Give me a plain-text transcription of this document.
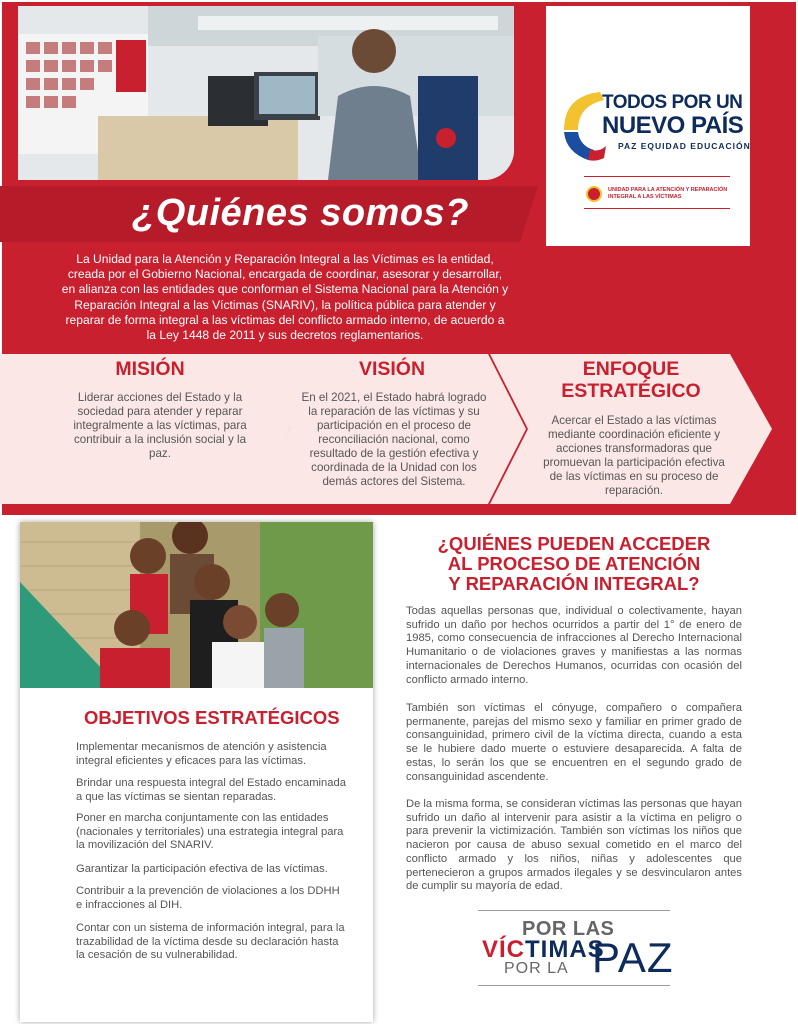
TODOS POR UN
NUEVO PAÍS
PAZ EQUIDAD EDUCACIÓN
UNIDAD PARA LA ATENCIÓN Y REPARACIÓN INTEGRAL A LAS VÍCTIMAS
¿Quiénes somos?

La Unidad para la Atención y Reparación Integral a las Víctimas es la entidad, creada por el Gobierno Nacional, encargada de coordinar, asesorar y desarrollar, en alianza con las entidades que conforman el Sistema Nacional para la Atención y Reparación Integral a las Víctimas (SNARIV), la política pública para atender y reparar de forma integral a las víctimas del conflicto armado interno, de acuerdo a la Ley 1448 de 2011 y sus decretos reglamentarios.

MISIÓN
Liderar acciones del Estado y la sociedad para atender y reparar integralmente a las víctimas, para contribuir a la inclusión social y la paz.
VISIÓN
En el 2021, el Estado habrá logrado la reparación de las víctimas y su participación en el proceso de reconciliación nacional, como resultado de la gestión efectiva y coordinada de la Unidad con los demás actores del Sistema.
ENFOQUE
ESTRATÉGICO
Acercar el Estado a las víctimas mediante coordinación eficiente y acciones transformadoras que promuevan la participación efectiva de las víctimas en su proceso de reparación.
OBJETIVOS ESTRATÉGICOS

Implementar mecanismos de atención y asistencia integral eficientes y eficaces para las víctimas.

Brindar una respuesta integral del Estado encaminada a que las víctimas se sientan reparadas.

Poner en marcha conjuntamente con las entidades (nacionales y territoriales) una estrategia integral para la movilización del SNARIV.

Garantizar la participación efectiva de las víctimas.

Contribuir a la prevención de violaciones a los DDHH e infracciones al DIH.

Contar con un sistema de información integral, para la trazabilidad de la víctima desde su declaración hasta la cesación de su vulnerabilidad.

¿QUIÉNES PUEDEN ACCEDER
AL PROCESO DE ATENCIÓN
Y REPARACIÓN INTEGRAL?

Todas aquellas personas que, individual o colectivamente, hayan sufrido un daño por hechos ocurridos a partir del 1° de enero de 1985, como consecuencia de infracciones al Derecho Internacional Humanitario o de violaciones graves y manifiestas a las normas internacionales de Derechos Humanos, ocurridas con ocasión del conflicto armado interno.

También son víctimas el cónyuge, compañero o compañera permanente, parejas del mismo sexo y familiar en primer grado de consanguinidad, primero civil de la víctima directa, cuando a esta se le hubiere dado muerte o estuviere desaparecida. A falta de estas, lo serán los que se encuentren en el segundo grado de consanguinidad ascendente.

De la misma forma, se consideran víctimas las personas que hayan sufrido un daño al intervenir para asistir a la víctima en peligro o para prevenir la victimización. También son víctimas los niños que nacieron por causa de abuso sexual cometido en el marco del conflicto armado y los niños, niñas y adolescentes que pertenecieron a grupos armados ilegales y se desvincularon antes de cumplir su mayoría de edad.

POR LAS
VÍCTIMAS
POR LA PAZ
